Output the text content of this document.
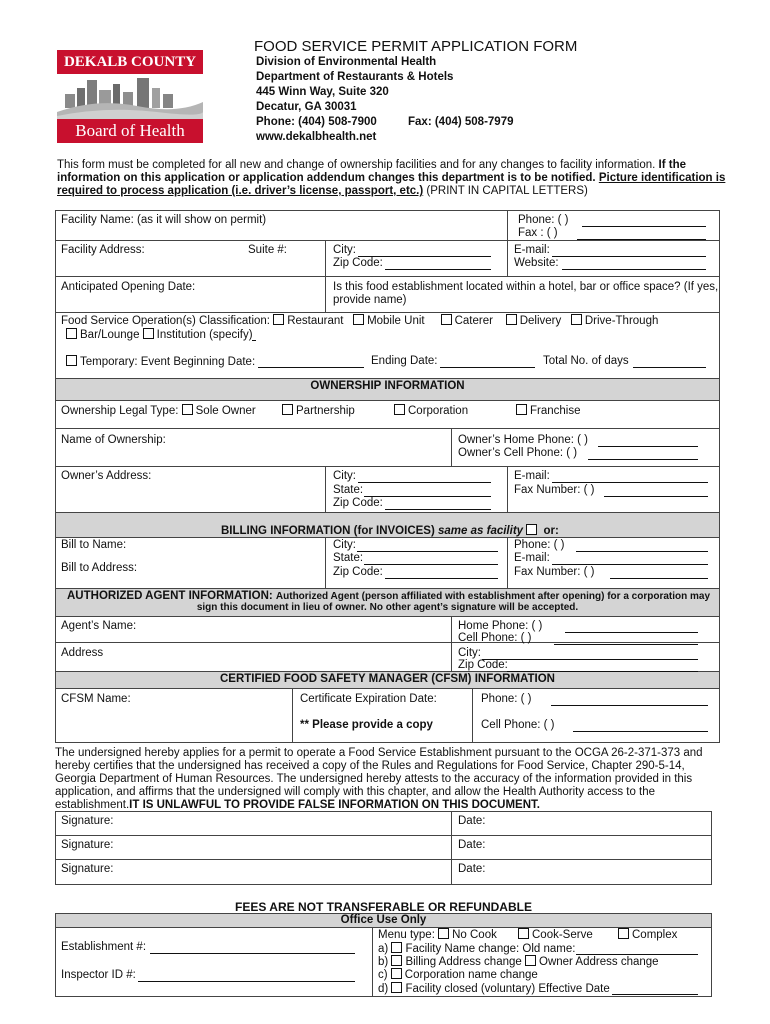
DEKALB COUNTY
Board of Health
FOOD SERVICE PERMIT APPLICATION FORM
Division of Environmental Health
Department of Restaurants & Hotels
445 Winn Way, Suite 320
Decatur, GA 30031
Phone: (404) 508-7900	Fax: (404) 508-7979
www.dekalbhealth.net
This form must be completed for all new and change of ownership facilities and for any changes to facility information. If the
information on this application or application addendum changes this department is to be notified. Picture identification is
required to process application (i.e. driver’s license, passport, etc.) (PRINT IN CAPITAL LETTERS)
Facility Name: (as it will show on permit)	Phone: ( )
Fax : ( )
Facility Address:	Suite #:	City:
Zip Code:
E-mail:
Website:
Anticipated Opening Date:	Is this food establishment located within a hotel, bar or office space? (If yes,
provide name)
Food Service Operation(s) Classification: Restaurant Mobile Unit	Caterer Delivery Drive-Through
Bar/Lounge Institution (specify)
Temporary: Event Beginning Date:	Ending Date:	Total No. of days
OWNERSHIP INFORMATION
Ownership Legal Type: Sole Owner	Partnership	Corporation	Franchise
Name of Ownership:	Owner’s Home Phone: ( )
Owner’s Cell Phone: ( )
Owner’s Address:	City:
State:
Zip Code:
E-mail:
Fax Number: ( )
BILLING INFORMATION (for INVOICES) same as facility or:
Bill to Name:
Bill to Address:
City:
State:
Zip Code:
Phone: ( )
E-mail:
Fax Number: ( )
AUTHORIZED AGENT INFORMATION: Authorized Agent (person affiliated with establishment after opening) for a corporation may
sign this document in lieu of owner. No other agent’s signature will be accepted.
Agent’s Name:
Address
Home Phone: ( )
Cell Phone: ( )
City:
Zip Code:
CERTIFIED FOOD SAFETY MANAGER (CFSM) INFORMATION
CFSM Name:	Certificate Expiration Date:
** Please provide a copy
Phone: ( )
Cell Phone: ( )
The undersigned hereby applies for a permit to operate a Food Service Establishment pursuant to the OCGA 26-2-371-373 and
hereby certifies that the undersigned has received a copy of the Rules and Regulations for Food Service, Chapter 290-5-14,
Georgia Department of Human Resources. The undersigned hereby attests to the accuracy of the information provided in this
application, and affirms that the undersigned will comply with this chapter, and allow the Health Authority access to the
establishment.IT IS UNLAWFUL TO PROVIDE FALSE INFORMATION ON THIS DOCUMENT.
Signature:	Date:
Signature:	Date:
Signature:	Date:
FEES ARE NOT TRANSFERABLE OR REFUNDABLE
Office Use Only
Establishment #:
Inspector ID #:
Menu type: No Cook	Cook-Serve	Complex
a) Facility Name change: Old name:
b) Billing Address change Owner Address change
c) Corporation name change
d) Facility closed (voluntary) Effective Date
